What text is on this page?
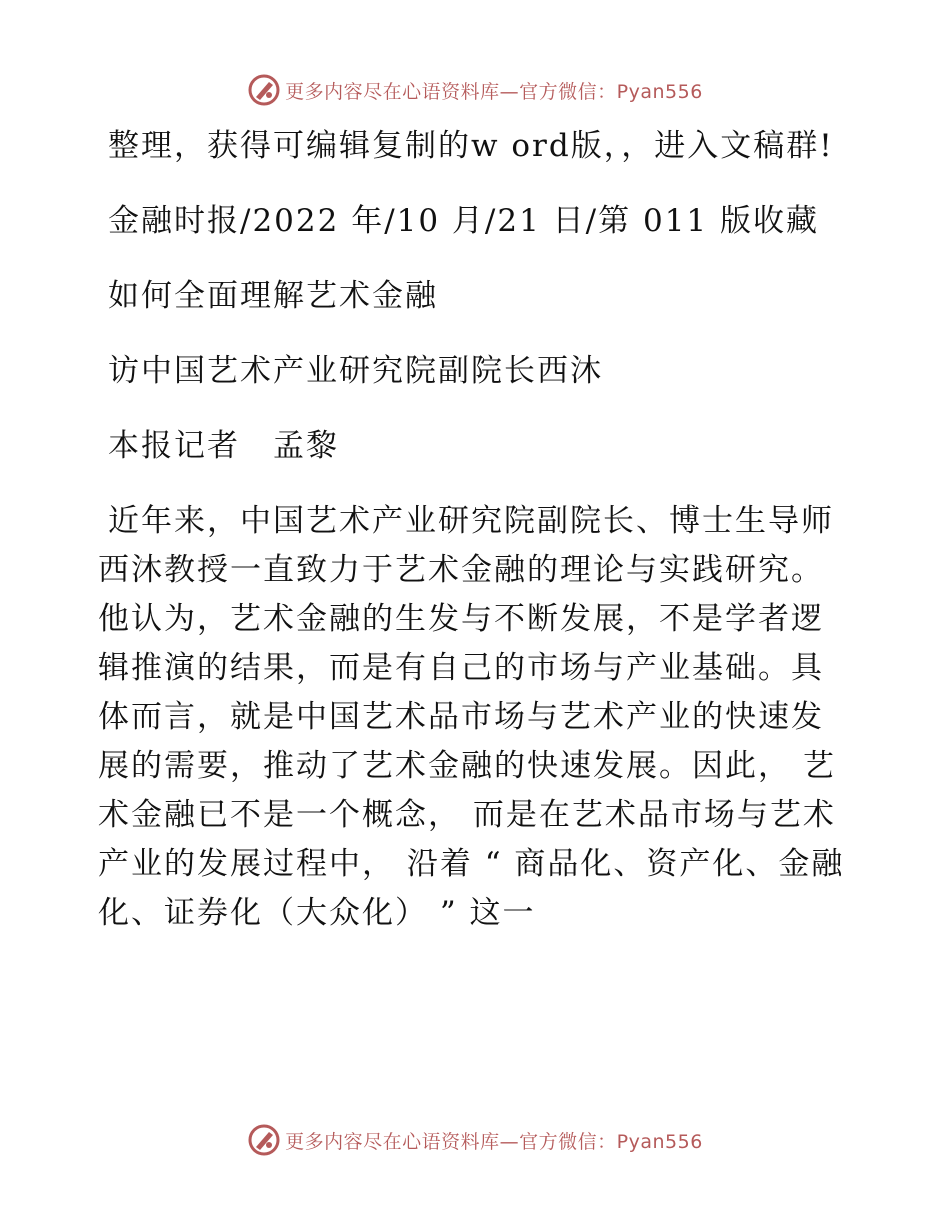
更多内容尽在心语资料库—官方微信：Pyan556

整理，获得可编辑复制的w ord版，，进入文稿群!

金融时报/2022 年/10 月/21 日/第 011 版收藏

如何全面理解艺术金融

访中国艺术产业研究院副院长西沐

本报记者　孟黎

近年来，中国艺术产业研究院副院长、博士生导师西沐教授一直致力于艺术金融的理论与实践研究。他认为，艺术金融的生发与不断发展，不是学者逻辑推演的结果，而是有自己的市场与产业基础。具体而言，就是中国艺术品市场与艺术产业的快速发展的需要，推动了艺术金融的快速发展。因此， 艺术金融已不是一个概念， 而是在艺术品市场与艺术产业的发展过程中， 沿着 “ 商品化、资产化、金融化、证券化（大众化） ” 这一

更多内容尽在心语资料库—官方微信：Pyan556
